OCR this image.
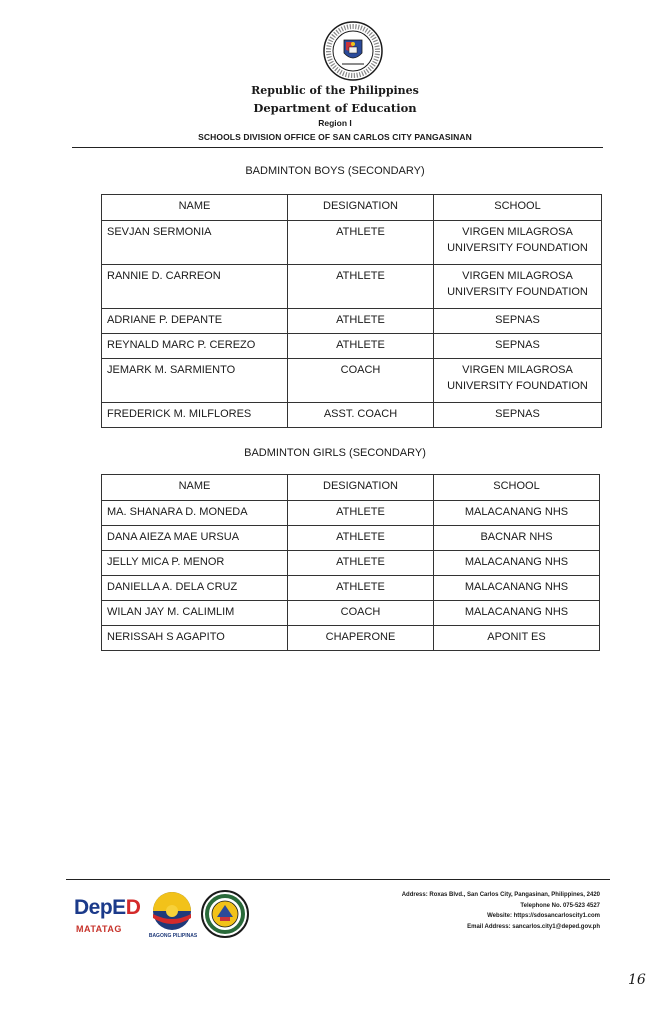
Republic of the Philippines
Department of Education
Region I
SCHOOLS DIVISION OFFICE OF SAN CARLOS CITY PANGASINAN
BADMINTON BOYS (SECONDARY)
NAME	DESIGNATION	SCHOOL
SEVJAN SERMONIA	ATHLETE	VIRGEN MILAGROSA UNIVERSITY FOUNDATION
RANNIE D. CARREON	ATHLETE	VIRGEN MILAGROSA UNIVERSITY FOUNDATION
ADRIANE P. DEPANTE	ATHLETE	SEPNAS
REYNALD MARC P. CEREZO	ATHLETE	SEPNAS
JEMARK M. SARMIENTO	COACH	VIRGEN MILAGROSA UNIVERSITY FOUNDATION
FREDERICK M. MILFLORES	ASST. COACH	SEPNAS
BADMINTON GIRLS (SECONDARY)
NAME	DESIGNATION	SCHOOL
MA. SHANARA D. MONEDA	ATHLETE	MALACANANG NHS
DANA AIEZA MAE URSUA	ATHLETE	BACNAR NHS
JELLY MICA P. MENOR	ATHLETE	MALACANANG NHS
DANIELLA A. DELA CRUZ	ATHLETE	MALACANANG NHS
WILAN JAY M. CALIMLIM	COACH	MALACANANG NHS
NERISSAH S AGAPITO	CHAPERONE	APONIT ES
DepED
MATATAG
BAGONG PILIPINAS
Address: Roxas Blvd., San Carlos City, Pangasinan, Philippines, 2420
Telephone No. 075-523 4527
Website: https://sdosancarloscity1.com
Email Address: sancarlos.city1@deped.gov.ph
16
